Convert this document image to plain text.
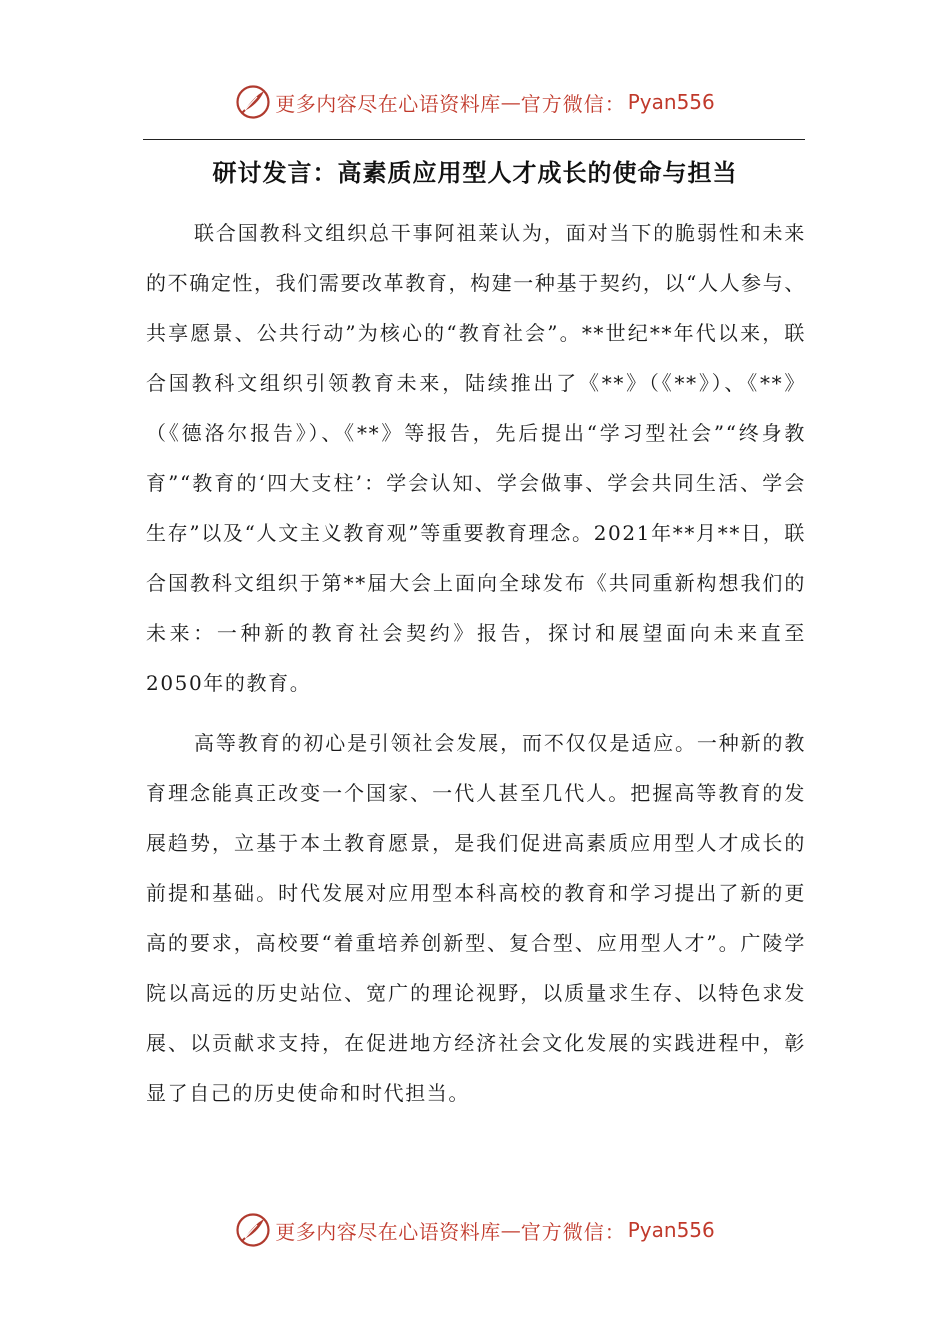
更多内容尽在心语资料库 — 官方微信： Pyan556
研讨发言：高素质应用型人才成长的使命与担当

联合国教科文组织总干事阿祖莱认为，面对当下的脆弱性和未来的不确定性，我们需要改革教育，构建一种基于契约，以“人人参与、共享愿景、公共行动”为核心的“教育社会”。**世纪**年代以来，联合国教科文组织引领教育未来，陆续推出了《**》（《**》）、《**》（《德洛尔报告》）、《**》等报告，先后提出“学习型社会”“终身教育”“教育的‘四大支柱’：学会认知、学会做事、学会共同生活、学会生存”以及“人文主义教育观”等重要教育理念。2021年**月**日，联合国教科文组织于第**届大会上面向全球发布《共同重新构想我们的未来：一种新的教育社会契约》报告，探讨和展望面向未来直至2050年的教育。

高等教育的初心是引领社会发展，而不仅仅是适应。一种新的教育理念能真正改变一个国家、一代人甚至几代人。把握高等教育的发展趋势，立基于本土教育愿景，是我们促进高素质应用型人才成长的前提和基础。时代发展对应用型本科高校的教育和学习提出了新的更高的要求，高校要“着重培养创新型、复合型、应用型人才”。广陵学院以高远的历史站位、宽广的理论视野，以质量求生存、以特色求发展、以贡献求支持，在促进地方经济社会文化发展的实践进程中，彰显了自己的历史使命和时代担当。

更多内容尽在心语资料库 — 官方微信： Pyan556
